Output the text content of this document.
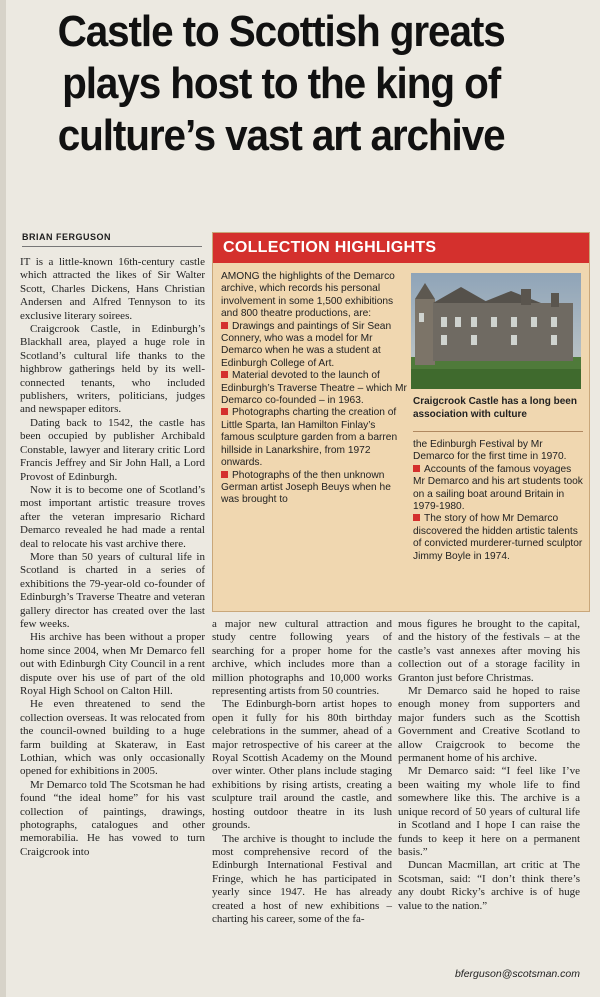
Castle to Scottish greats
plays host to the king of
culture’s vast art archive
BRIAN FERGUSON

IT is a little-known 16th-century castle which attracted the likes of Sir Walter Scott, Charles Dickens, Hans Christian Andersen and Alfred Tennyson to its exclusive literary soirees.

Craigcrook Castle, in Edinburgh’s Blackhall area, played a huge role in Scotland’s cultural life thanks to the highbrow gatherings held by its well-connected tenants, who included publishers, writers, politicians, judges and newspaper editors.

Dating back to 1542, the castle has been occupied by publisher Archibald Constable, lawyer and literary critic Lord Francis Jeffrey and Sir John Hall, a Lord Provost of Edinburgh.

Now it is to become one of Scotland’s most important artistic treasure troves after the veteran impresario Richard Demarco revealed he had made a rental deal to relocate his vast archive there.

More than 50 years of cultural life in Scotland is charted in a series of exhibitions the 79-year-old co-founder of Edinburgh’s Traverse Theatre and veteran gallery director has created over the last few weeks.

His archive has been without a proper home since 2004, when Mr Demarco fell out with Edinburgh City Council in a rent dispute over his use of part of the old Royal High School on Calton Hill.

He even threatened to send the collection overseas. It was relocated from the council-owned building to a huge farm building at Skateraw, in East Lothian, which was only occasionally opened for exhibitions in 2005.

Mr Demarco told The Scotsman he had found “the ideal home” for his vast collection of paintings, drawings, photographs, catalogues and other memorabilia. He has vowed to turn Craigcrook into

COLLECTION HIGHLIGHTS

AMONG the highlights of the Demarco archive, which records his personal involvement in some 1,500 exhibitions and 800 theatre productions, are:

Drawings and paintings of Sir Sean Connery, who was a model for Mr Demarco when he was a student at Edinburgh College of Art.

Material devoted to the launch of Edinburgh’s Traverse Theatre – which Mr Demarco co-founded – in 1963.

Photographs charting the creation of Little Sparta, Ian Hamilton Finlay’s famous sculpture garden from a barren hillside in Lanarkshire, from 1972 onwards.

Photographs of the then unknown German artist Joseph Beuys when he was brought to

Craigcrook Castle has a long been association with culture

the Edinburgh Festival by Mr Demarco for the first time in 1970.

Accounts of the famous voyages Mr Demarco and his art students took on a sailing boat around Britain in 1979-1980.

The story of how Mr Demarco discovered the hidden artistic talents of convicted murderer-turned sculptor Jimmy Boyle in 1974.

a major new cultural attraction and study centre following years of searching for a proper home for the archive, which includes more than a million photographs and 10,000 works representing artists from 50 countries.

The Edinburgh-born artist hopes to open it fully for his 80th birthday celebrations in the summer, ahead of a major retrospective of his career at the Royal Scottish Academy on the Mound over winter. Other plans include staging exhibitions by rising artists, creating a sculpture trail around the castle, and hosting outdoor theatre in its lush grounds.

The archive is thought to include the most comprehensive record of the Edinburgh International Festival and Fringe, which he has participated in yearly since 1947. He has already created a host of new exhibitions – charting his career, some of the fa-

mous figures he brought to the capital, and the history of the festivals – at the castle’s vast annexes after moving his collection out of a storage facility in Granton just before Christmas.

Mr Demarco said he hoped to raise enough money from supporters and major funders such as the Scottish Government and Creative Scotland to allow Craigcrook to become the permanent home of his archive.

Mr Demarco said: “I feel like I’ve been waiting my whole life to find somewhere like this. The archive is a unique record of 50 years of cultural life in Scotland and I hope I can raise the funds to keep it here on a permanent basis.”

Duncan Macmillan, art critic at The Scotsman, said: “I don’t think there’s any doubt Ricky’s archive is of huge value to the nation.”

bferguson@scotsman.com
